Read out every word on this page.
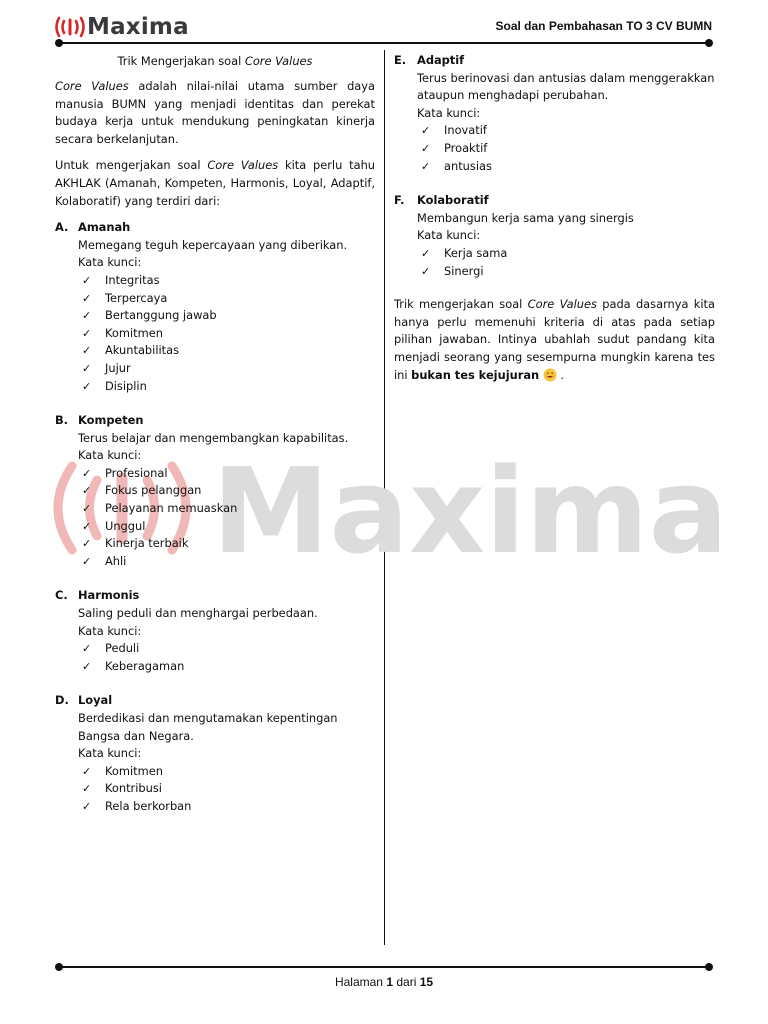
Maxima	Soal dan Pembahasan TO 3 CV BUMN
Maxima
Trik Mengerjakan soal Core Values

Core Values adalah nilai-nilai utama sumber daya manusia BUMN yang menjadi identitas dan perekat budaya kerja untuk mendukung peningkatan kinerja secara berkelanjutan.

Untuk mengerjakan soal Core Values kita perlu tahu AKHLAK (Amanah, Kompeten, Harmonis, Loyal, Adaptif, Kolaboratif) yang terdiri dari:

A. Amanah
Memegang teguh kepercayaan yang diberikan.
Kata kunci:
✓	Integritas
✓	Terpercaya
✓	Bertanggung jawab
✓	Komitmen
✓	Akuntabilitas
✓	Jujur
✓	Disiplin
B. Kompeten
Terus belajar dan mengembangkan kapabilitas.
Kata kunci:
✓	Profesional
✓	Fokus pelanggan
✓	Pelayanan memuaskan
✓	Unggul
✓	Kinerja terbaik
✓	Ahli
C. Harmonis
Saling peduli dan menghargai perbedaan.
Kata kunci:
✓	Peduli
✓	Keberagaman
D. Loyal
Berdedikasi dan mengutamakan kepentingan Bangsa dan Negara.
Kata kunci:
✓	Komitmen
✓	Kontribusi
✓	Rela berkorban
E. Adaptif
Terus berinovasi dan antusias dalam menggerakkan ataupun menghadapi perubahan.
Kata kunci:
✓	Inovatif
✓	Proaktif
✓	antusias
F.	Kolaboratif
Membangun kerja sama yang sinergis
Kata kunci:
✓	Kerja sama
✓	Sinergi

Trik mengerjakan soal Core Values pada dasarnya kita hanya perlu memenuhi kriteria di atas pada setiap pilihan jawaban. Intinya ubahlah sudut pandang kita menjadi seorang yang sesempurna mungkin karena tes ini bukan tes kejujuran  .

Halaman 1 dari 15
